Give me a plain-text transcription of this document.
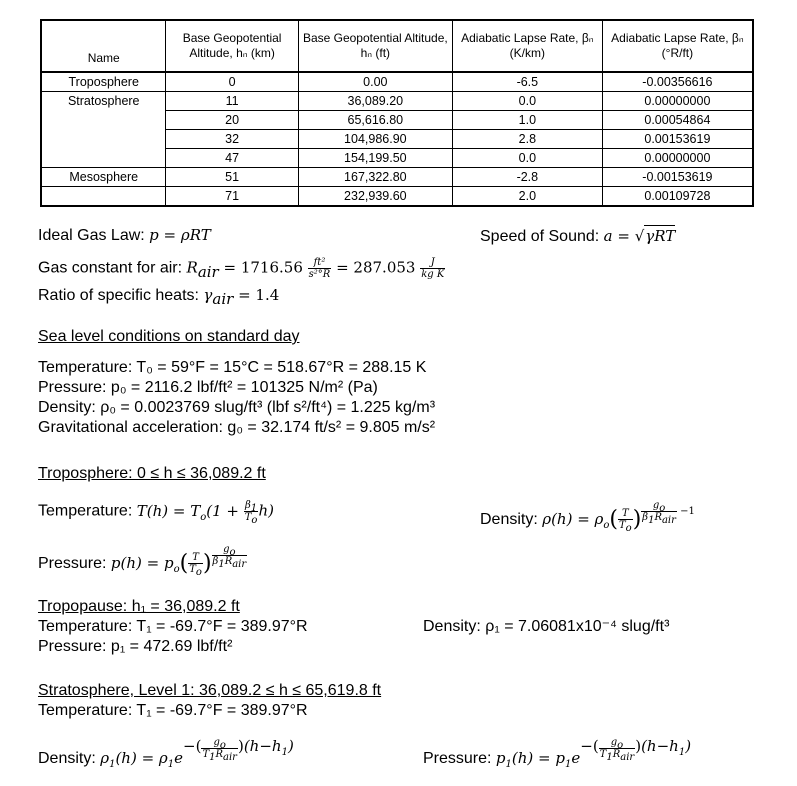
Name	Base Geopotential Altitude, hₙ (km)	Base Geopotential Altitude, hₙ (ft)	Adiabatic Lapse Rate, βₙ (K/km)	Adiabatic Lapse Rate, βₙ (°R/ft)
Troposphere	0	0.00	-6.5	-0.00356616
Stratosphere	11	36,089.20	0.0	0.00000000
	20	65,616.80	1.0	0.00054864
	32	104,986.90	2.8	0.00153619
	47	154,199.50	0.0	0.00000000
Mesosphere	51	167,322.80	-2.8	-0.00153619
	71	232,939.60	2.0	0.00109728
Ideal Gas Law: p = ρRT	Speed of Sound: a = √γRT
Gas constant for air: $R_{air} = 1716.56 \frac{\text{ft²}}{\text{s²°R}} = 287.053 \frac{J}{\text{kg K}}$
Ratio of specific heats: $\gamma_{air} = 1.4$
Sea level conditions on standard day
Temperature: T₀ = 59°F = 15°C = 518.67°R = 288.15 K
Pressure: p₀ = 2116.2 lbf/ft² = 101325 N/m² (Pa)
Density: ρ₀ = 0.0023769 slug/ft³ (lbf s²/ft⁴) = 1.225 kg/m³
Gravitational acceleration: g₀ = 32.174 ft/s² = 9.805 m/s²
Troposphere: 0 ≤ h ≤ 36,089.2 ft
Temperature: $T(h) = T_o(1 + \frac{\beta_1}{T_o} h)$	Density: $\rho(h) = \rho_o( \frac{T}{T_o}$ ) $\frac{g_o}{\beta_1R_{air}} -1$
Pressure: $p(h) = p_o( \frac{T}{T_o}$ ) $\frac{g_o}{\beta_1R_{air}}$
Tropopause: h₁ = 36,089.2 ft
Temperature: T₁ = -69.7°F = 389.97°R	Density: ρ₁ = 7.06081x10⁻⁴ slug/ft³
Pressure: p₁ = 472.69 lbf/ft²
Stratosphere, Level 1: 36,089.2 ≤ h ≤ 65,619.8 ft
Temperature: T₁ = -69.7°F = 389.97°R
Density: $\rho_1(h) = \rho_1e-( \frac{g_o}{T_1R_{air}} )(h-h_1)$
Pressure: $p_1(h) = p_1e-( \frac{g_o}{T_1R_{air}} )(h-h_1)$
